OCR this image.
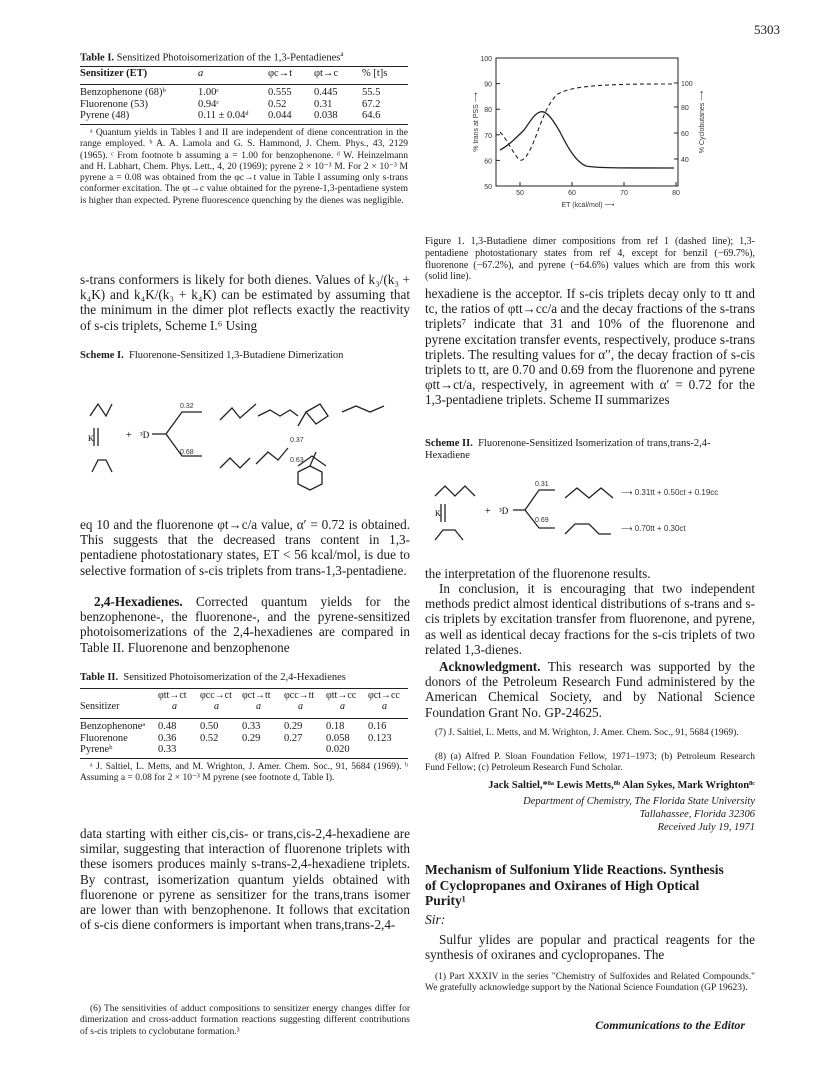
5303
Table I. Sensitized Photoisomerization of the 1,3-Pentadienes$^a$
Sensitizer (ET)	a	φc→t	φt→c	% [t]s
Benzophenone (68)ᵇ	1.00ᶜ	0.555	0.445	55.5
Fluorenone (53)	0.94ᶜ	0.52	0.31	67.2
Pyrene (48)	0.11 ± 0.04ᵈ	0.044	0.038	64.6
ᵃ Quantum yields in Tables I and II are independent of diene concentration in the range employed. ᵇ A. A. Lamola and G. S. Hammond, J. Chem. Phys., 43, 2129 (1965). ᶜ From footnote b assuming a = 1.00 for benzophenone. ᵈ W. Heinzelmann and H. Labhart, Chem. Phys. Lett., 4, 20 (1969); pyrene 2 × 10⁻³ M. For 2 × 10⁻³ M pyrene a = 0.08 was obtained from the φc→t value in Table I assuming only s-trans conformer excitation. The φt→c value obtained for the pyrene-1,3-pentadiene system is higher than expected. Pyrene fluorescence quenching by the dienes was negligible.
100
90
80
70
60
50
100
80
60
40
50	60	70	80
ET (kcal/mol) ⟶
% trans at PSS ⟶	% Cyclobutanes ⟶
Figure 1. 1,3-Butadiene dimer compositions from ref 1 (dashed line); 1,3-pentadiene photostationary states from ref 4, except for benzil (−69.7%), fluorenone (−67.2%), and pyrene (−64.6%) values which are from this work (solid line).
s-trans conformers is likely for both dienes. Values of k₃/(k₃ + k₄K) and k₄K/(k₃ + k₄K) can be estimated by assuming that the minimum in the dimer plot reflects exactly the reactivity of s-cis triplets, Scheme I.⁶ Using
Scheme I. Fluorenone-Sensitized 1,3-Butadiene Dimerization
K	+ ³D
0.32
0.68
0.37
0.63
eq 10 and the fluorenone φt→c/a value, α′ = 0.72 is obtained. This suggests that the decreased trans content in 1,3-pentadiene photostationary states, ET < 56 kcal/mol, is due to selective formation of s-cis triplets from trans-1,3-pentadiene.
2,4-Hexadienes. Corrected quantum yields for the benzophenone-, the fluorenone-, and the pyrene-sensitized photoisomerizations of the 2,4-hexadienes are compared in Table II. Fluorenone and benzophenone
Table II. Sensitized Photoisomerization of the 2,4-Hexadienes
	φtt→ct	φcc→ct	φct→tt	φcc→tt	φtt→cc	φct→cc
Sensitizer	a	a	a	a	a	a
Benzophenoneᵃ	0.48	0.50	0.33	0.29	0.18	0.16
Fluorenone	0.36	0.52	0.29	0.27	0.058	0.123
Pyreneᵇ	0.33				0.020	
ᵃ J. Saltiel, L. Metts, and M. Wrighton, J. Amer. Chem. Soc., 91, 5684 (1969). ᵇ Assuming a = 0.08 for 2 × 10⁻³ M pyrene (see footnote d, Table I).
data starting with either cis,cis- or trans,cis-2,4-hexadiene are similar, suggesting that interaction of fluorenone triplets with these isomers produces mainly s-trans-2,4-hexadiene triplets. By contrast, isomerization quantum yields obtained with fluorenone or pyrene as sensitizer for the trans,trans isomer are lower than with benzophenone. It follows that excitation of s-cis diene conformers is important when trans,trans-2,4-
(6) The sensitivities of adduct compositions to sensitizer energy changes differ for dimerization and cross-adduct formation reactions suggesting different contributions of s-cis triplets to cyclobutane formation.³
hexadiene is the acceptor. If s-cis triplets decay only to tt and tc, the ratios of φtt→cc/a and the decay fractions of the s-trans triplets⁷ indicate that 31 and 10% of the fluorenone and pyrene excitation transfer events, respectively, produce s-trans triplets. The resulting values for α′′, the decay fraction of s-cis triplets to tt, are 0.70 and 0.69 from the fluorenone and pyrene φtt→ct/a, respectively, in agreement with α′ = 0.72 for the 1,3-pentadiene triplets. Scheme II summarizes
Scheme II. Fluorenone-Sensitized Isomerization of trans,trans-2,4-Hexadiene
K	+ ³D
0.31
0.69
⟶ 0.31tt + 0.50ct + 0.19cc
⟶ 0.70tt + 0.30ct
the interpretation of the fluorenone results.
In conclusion, it is encouraging that two independent methods predict almost identical distributions of s-trans and s-cis triplets by excitation transfer from fluorenone, and pyrene, as well as identical decay fractions for the s-cis triplets of two related 1,3-dienes.
Acknowledgment. This research was supported by the donors of the Petroleum Research Fund administered by the American Chemical Society, and by National Science Foundation Grant No. GP-24625.
(7) J. Saltiel, L. Metts, and M. Wrighton, J. Amer. Chem. Soc., 91, 5684 (1969).
(8) (a) Alfred P. Sloan Foundation Fellow, 1971–1973; (b) Petroleum Research Fund Fellow; (c) Petroleum Research Fund Scholar.
Jack Saltiel,*⁸ᵃ Lewis Metts,⁸ᵇ Alan Sykes, Mark Wrighton⁸ᶜ
Department of Chemistry, The Florida State University
Tallahassee, Florida 32306
Received July 19, 1971
Mechanism of Sulfonium Ylide Reactions. Synthesis of Cyclopropanes and Oxiranes of High Optical Purity¹
Sir:
Sulfur ylides are popular and practical reagents for the synthesis of oxiranes and cyclopropanes. The
(1) Part XXXIV in the series "Chemistry of Sulfoxides and Related Compounds." We gratefully acknowledge support by the National Science Foundation (GP 19623).
Communications to the Editor
